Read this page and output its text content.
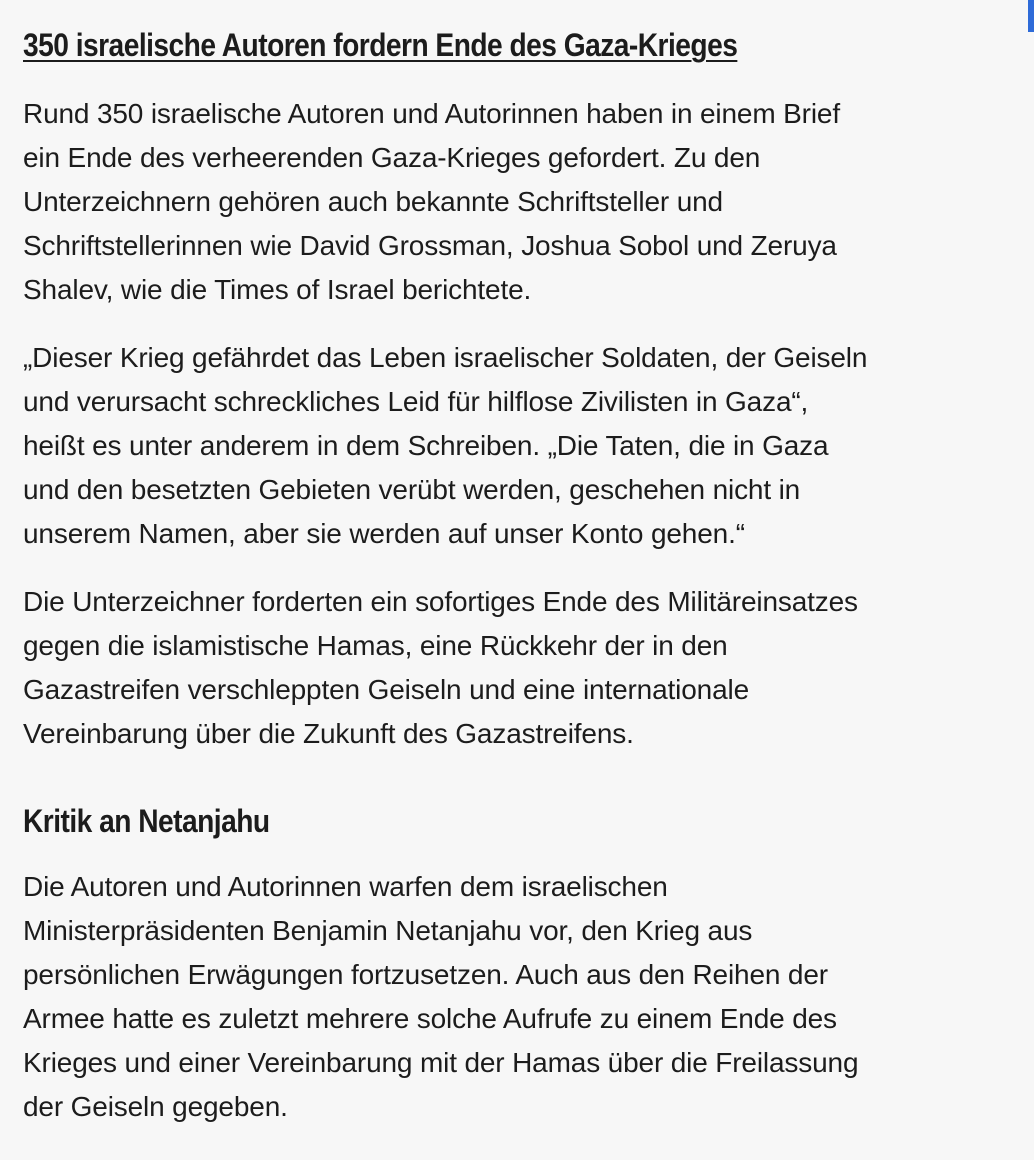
350 israelische Autoren fordern Ende des Gaza-Krieges

Rund 350 israelische Autoren und Autorinnen haben in einem Brief
ein Ende des verheerenden Gaza-Krieges gefordert. Zu den
Unterzeichnern gehören auch bekannte Schriftsteller und
Schriftstellerinnen wie David Grossman, Joshua Sobol und Zeruya
Shalev, wie die Times of Israel berichtete.

„Dieser Krieg gefährdet das Leben israelischer Soldaten, der Geiseln
und verursacht schreckliches Leid für hilflose Zivilisten in Gaza“,
heißt es unter anderem in dem Schreiben. „Die Taten, die in Gaza
und den besetzten Gebieten verübt werden, geschehen nicht in
unserem Namen, aber sie werden auf unser Konto gehen.“

Die Unterzeichner forderten ein sofortiges Ende des Militäreinsatzes
gegen die islamistische Hamas, eine Rückkehr der in den
Gazastreifen verschleppten Geiseln und eine internationale
Vereinbarung über die Zukunft des Gazastreifens.

Kritik an Netanjahu

Die Autoren und Autorinnen warfen dem israelischen
Ministerpräsidenten Benjamin Netanjahu vor, den Krieg aus
persönlichen Erwägungen fortzusetzen. Auch aus den Reihen der
Armee hatte es zuletzt mehrere solche Aufrufe zu einem Ende des
Krieges und einer Vereinbarung mit der Hamas über die Freilassung
der Geiseln gegeben.
